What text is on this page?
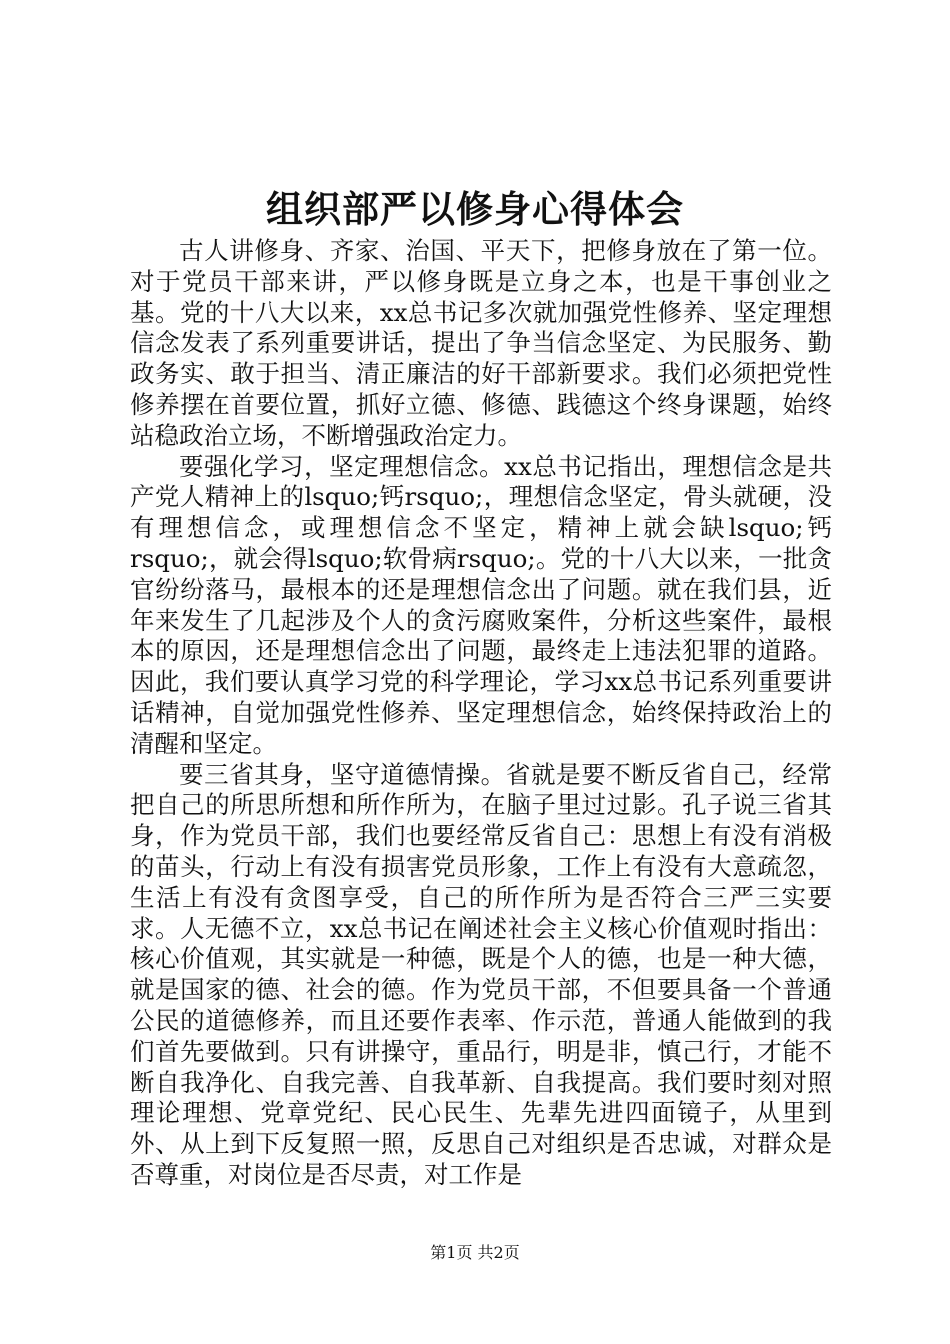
组织部严以修身心得体会

古人讲修身、齐家、治国、平天下，把修身放在了第一位。对于党员干部来讲，严以修身既是立身之本，也是干事创业之基。党的十八大以来，xx总书记多次就加强党性修养、坚定理想信念发表了系列重要讲话，提出了争当信念坚定、为民服务、勤政务实、敢于担当、清正廉洁的好干部新要求。我们必须把党性修养摆在首要位置，抓好立德、修德、践德这个终身课题，始终站稳政治立场，不断增强政治定力。

要强化学习，坚定理想信念。xx总书记指出，理想信念是共产党人精神上的lsquo;钙rsquo;，理想信念坚定，骨头就硬，没有理想信念，或理想信念不坚定，精神上就会缺lsquo;钙rsquo;，就会得lsquo;软骨病rsquo;。党的十八大以来，一批贪官纷纷落马，最根本的还是理想信念出了问题。就在我们县，近年来发生了几起涉及个人的贪污腐败案件，分析这些案件，最根本的原因，还是理想信念出了问题，最终走上违法犯罪的道路。因此，我们要认真学习党的科学理论，学习xx总书记系列重要讲话精神，自觉加强党性修养、坚定理想信念，始终保持政治上的清醒和坚定。

要三省其身，坚守道德情操。省就是要不断反省自己，经常把自己的所思所想和所作所为，在脑子里过过影。孔子说三省其身，作为党员干部，我们也要经常反省自己：思想上有没有消极的苗头，行动上有没有损害党员形象，工作上有没有大意疏忽，生活上有没有贪图享受，自己的所作所为是否符合三严三实要求。人无德不立，xx总书记在阐述社会主义核心价值观时指出：核心价值观，其实就是一种德，既是个人的德，也是一种大德，就是国家的德、社会的德。作为党员干部，不但要具备一个普通公民的道德修养，而且还要作表率、作示范，普通人能做到的我们首先要做到。只有讲操守，重品行，明是非，慎己行，才能不断自我净化、自我完善、自我革新、自我提高。我们要时刻对照理论理想、党章党纪、民心民生、先辈先进四面镜子，从里到外、从上到下反复照一照，反思自己对组织是否忠诚，对群众是否尊重，对岗位是否尽责，对工作是

第1页 共2页
